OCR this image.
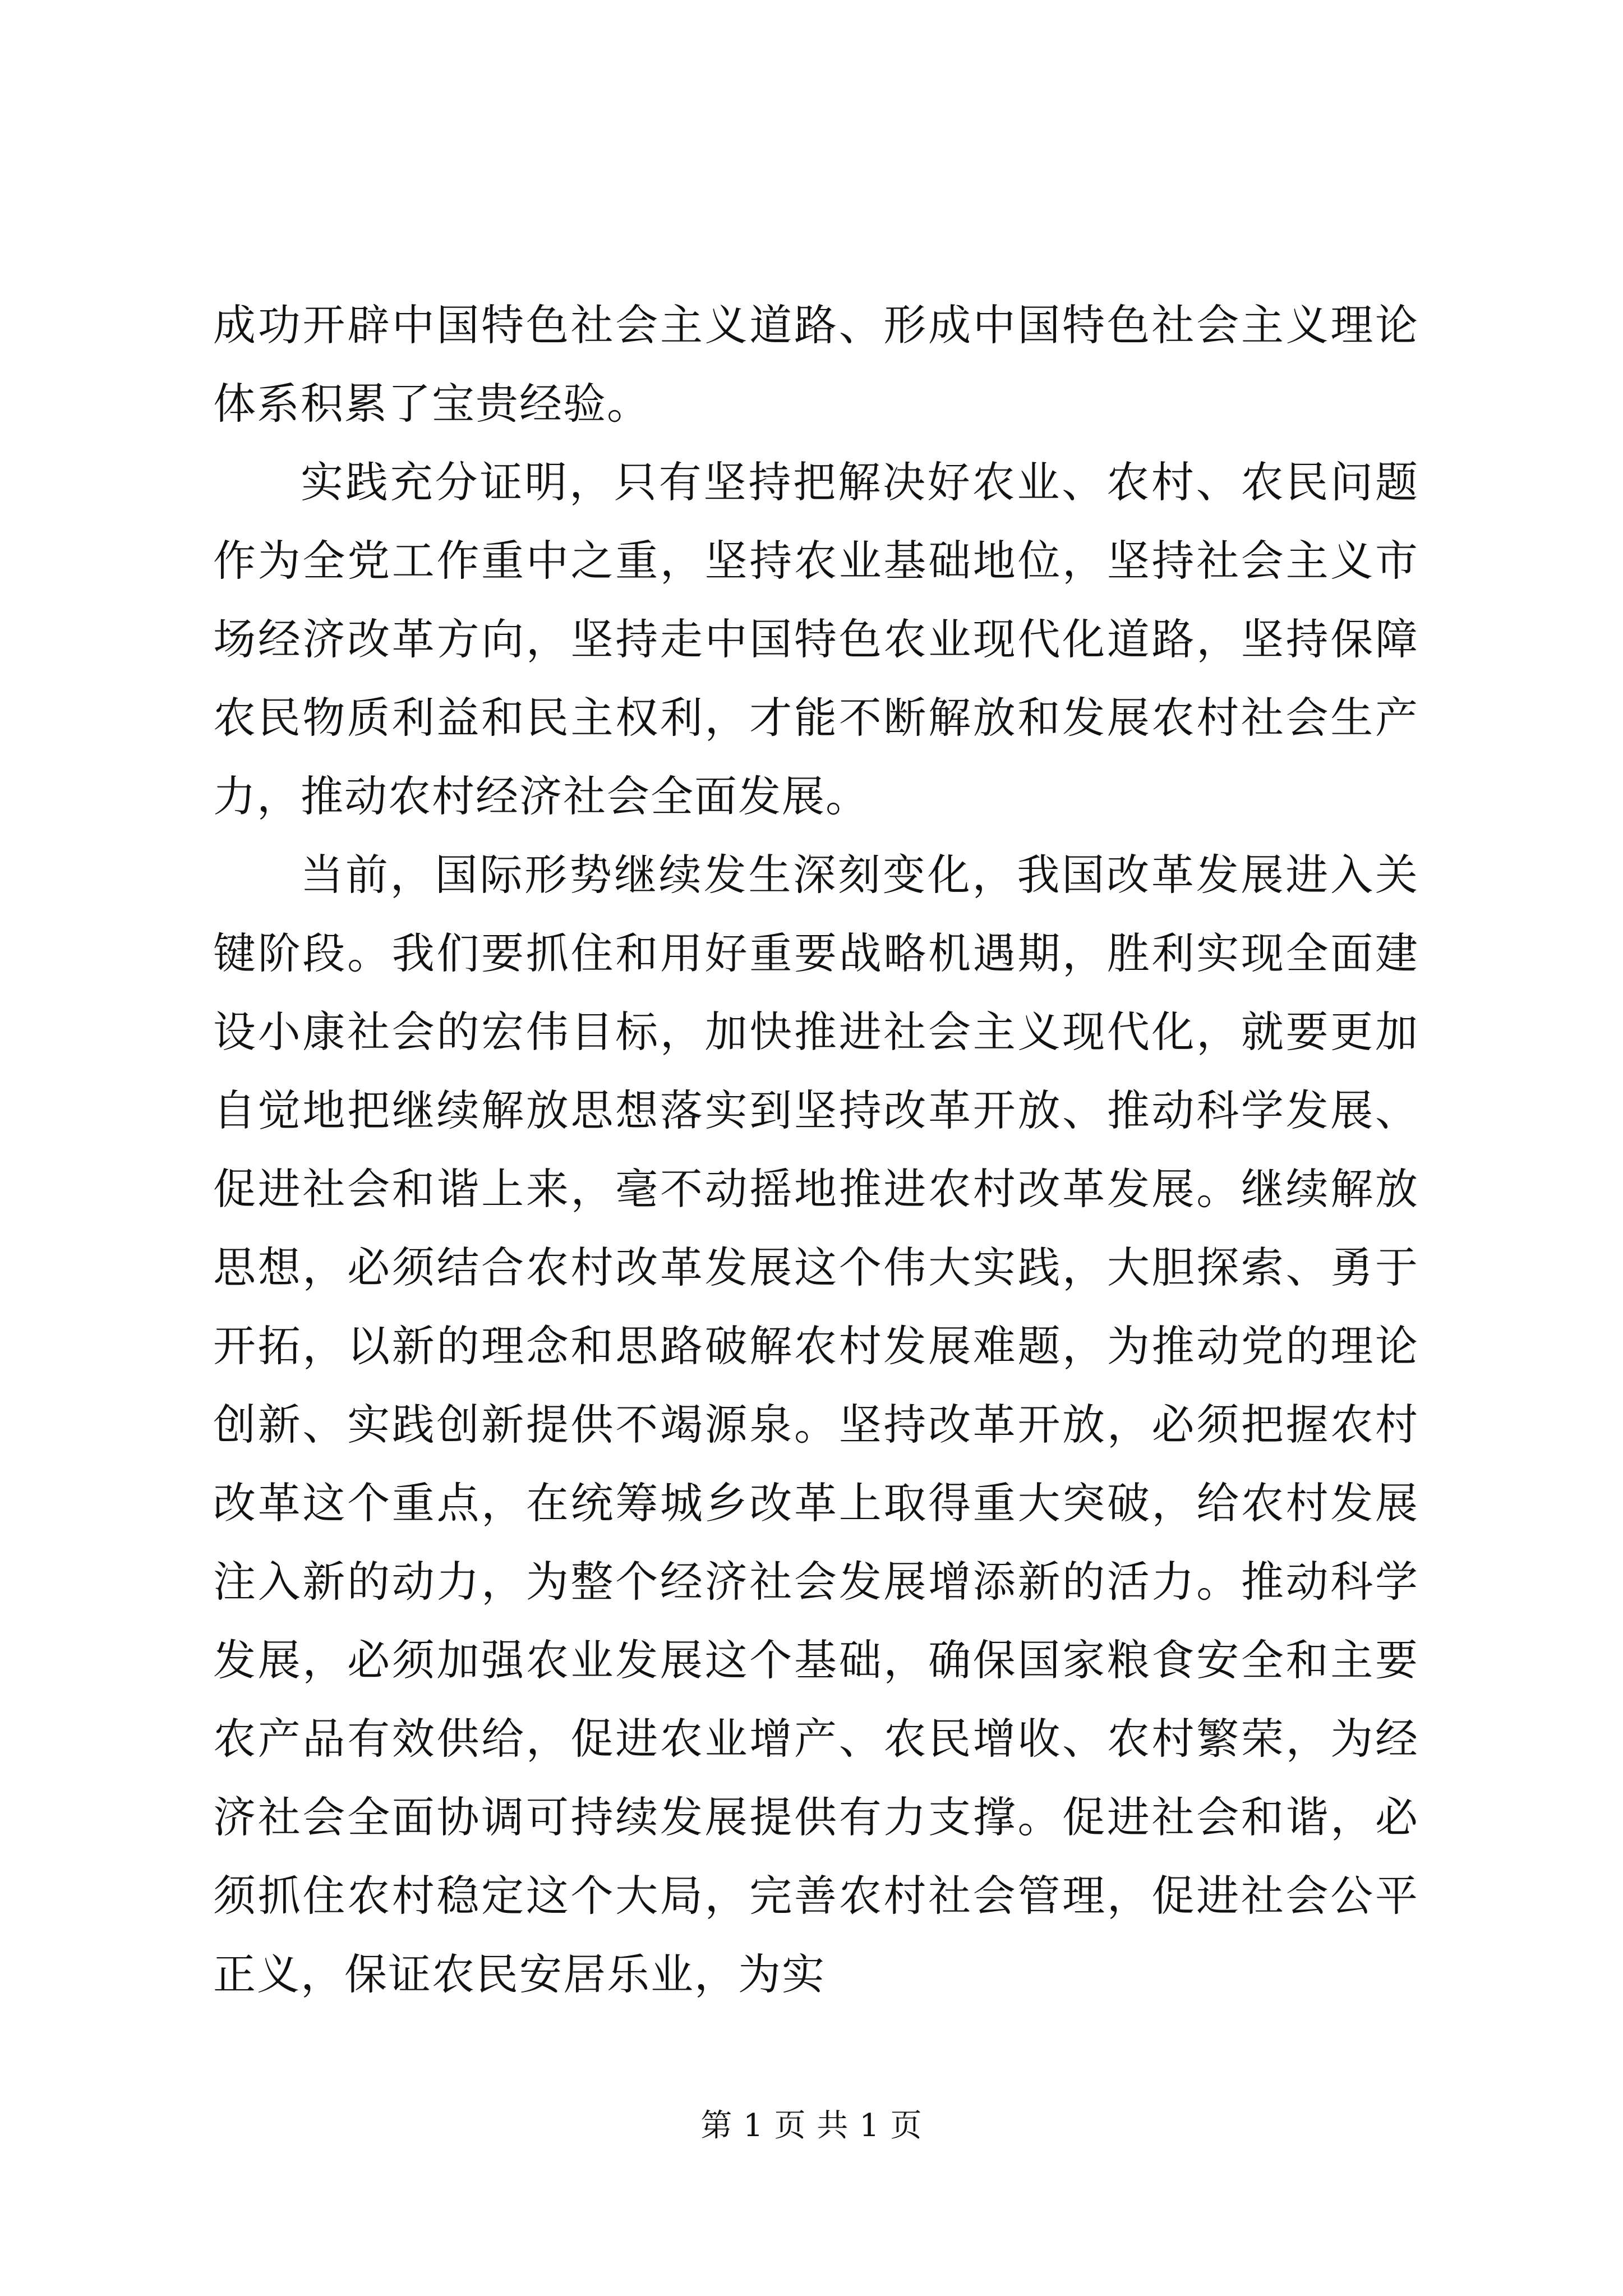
成功开辟中国特色社会主义道路、形成中国特色社会主义理论体系积累了宝贵经验。

实践充分证明，只有坚持把解决好农业、农村、农民问题作为全党工作重中之重，坚持农业基础地位，坚持社会主义市场经济改革方向，坚持走中国特色农业现代化道路，坚持保障农民物质利益和民主权利，才能不断解放和发展农村社会生产力，推动农村经济社会全面发展。

当前，国际形势继续发生深刻变化，我国改革发展进入关键阶段。我们要抓住和用好重要战略机遇期，胜利实现全面建设小康社会的宏伟目标，加快推进社会主义现代化，就要更加自觉地把继续解放思想落实到坚持改革开放、推动科学发展、促进社会和谐上来，毫不动摇地推进农村改革发展。继续解放思想，必须结合农村改革发展这个伟大实践，大胆探索、勇于开拓，以新的理念和思路破解农村发展难题，为推动党的理论创新、实践创新提供不竭源泉。坚持改革开放，必须把握农村改革这个重点，在统筹城乡改革上取得重大突破，给农村发展注入新的动力，为整个经济社会发展增添新的活力。推动科学发展，必须加强农业发展这个基础，确保国家粮食安全和主要农产品有效供给，促进农业增产、农民增收、农村繁荣，为经济社会全面协调可持续发展提供有力支撑。促进社会和谐，必须抓住农村稳定这个大局，完善农村社会管理，促进社会公平正义，保证农民安居乐业，为实

第 1 页 共 1 页
